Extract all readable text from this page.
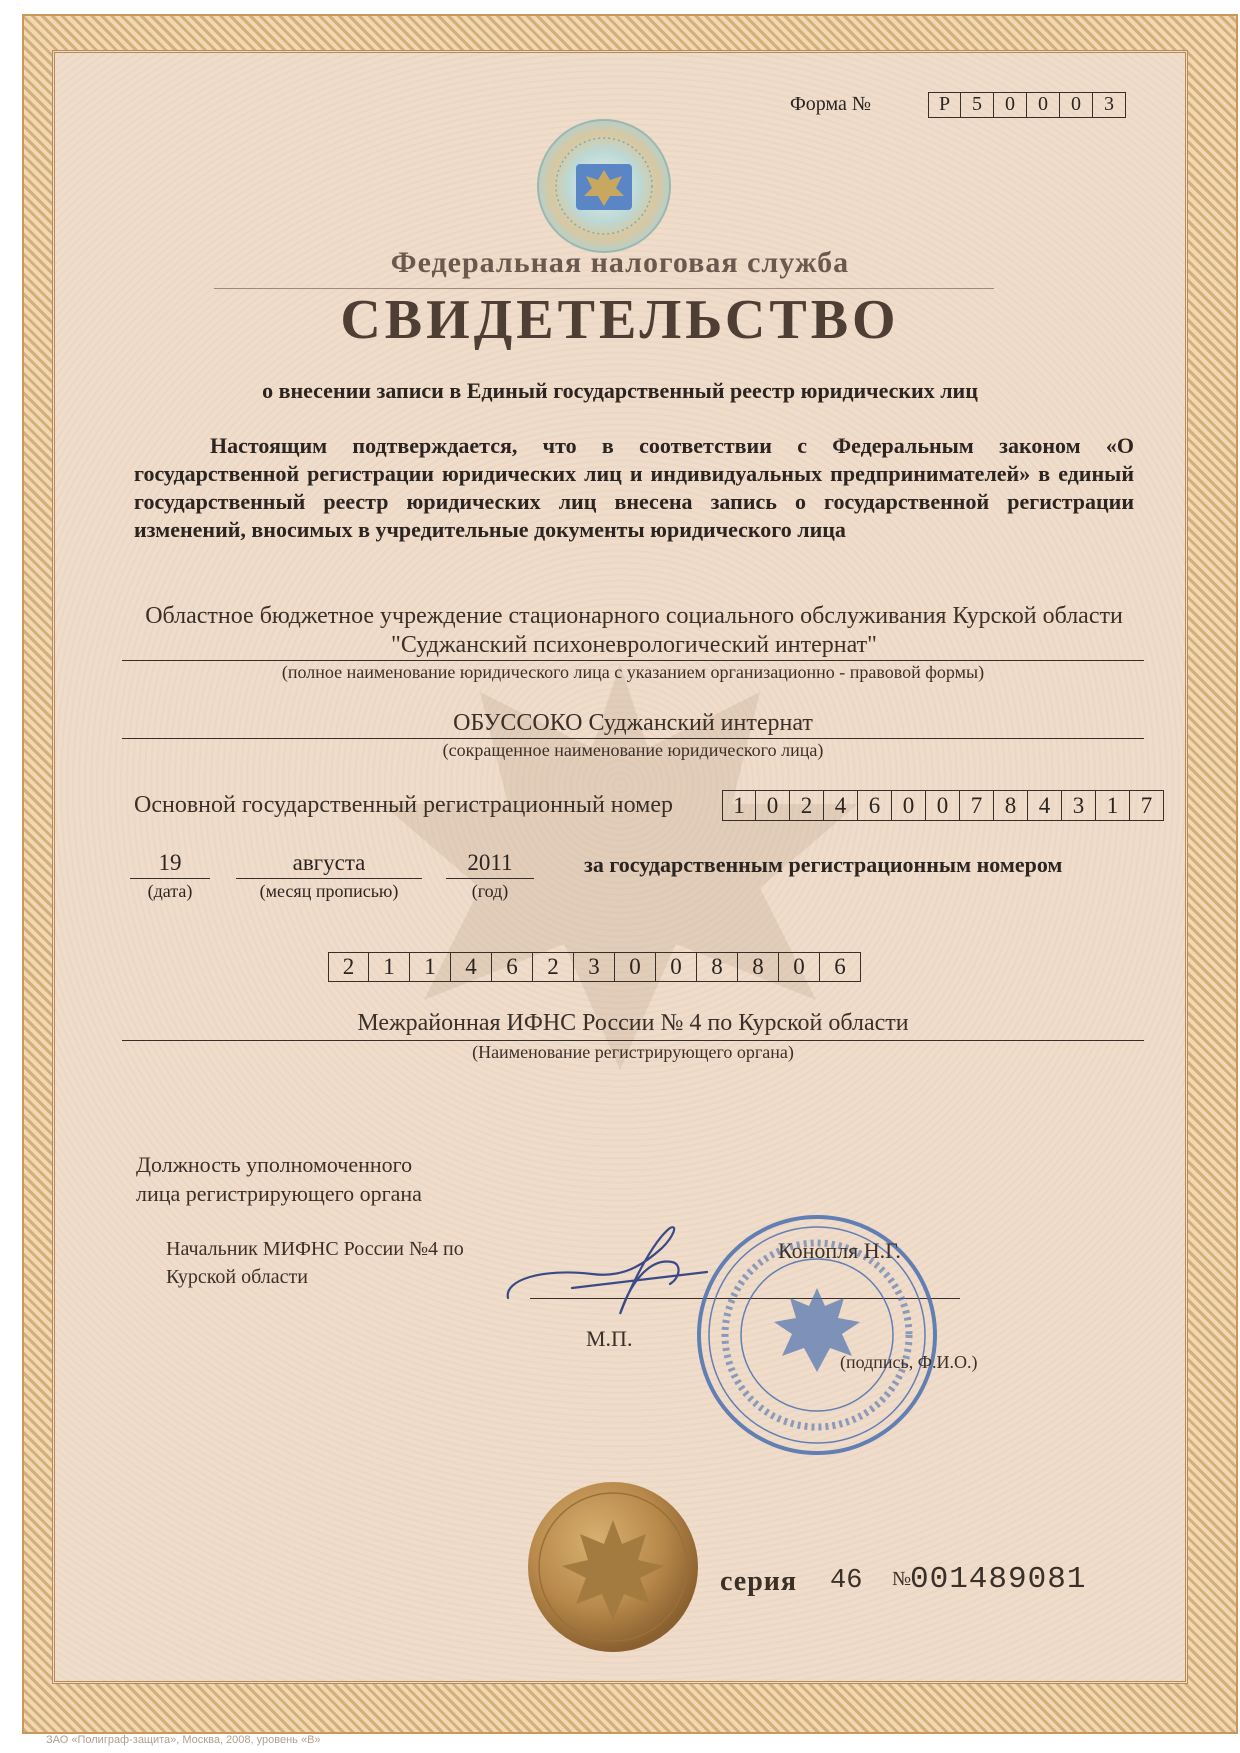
Форма №	Р	5	0	0	0	3
Федеральная налоговая служба
СВИДЕТЕЛЬСТВО
о внесении записи в Единый государственный реестр юридических лиц
Настоящим подтверждается, что в соответствии с Федеральным законом «О государственной регистрации юридических лиц и индивидуальных предпринимателей» в единый государственный реестр юридических лиц внесена запись о государственной регистрации изменений, вносимых в учредительные документы юридического лица
Областное бюджетное учреждение стационарного социального обслуживания Курской области "Суджанский психоневрологический интернат"
(полное наименование юридического лица с указанием организационно - правовой формы)
ОБУССОКО Суджанский интернат
(сокращенное наименование юридического лица)
Основной государственный регистрационный номер	1 0 2 4 6 0 0 7 8 4 3 1 7
19
(дата)
августа
(месяц прописью)
2011
(год)
за государственным регистрационным номером
2	1	1	4	6	2	3	0	0	8	8	0	6
Межрайонная ИФНС России № 4 по Курской области
(Наименование регистрирующего органа)
Должность уполномоченного
лица регистрирующего органа
Начальник МИФНС России №4 по
Курской области
М.П.
Конопля Н.Г.
(подпись, Ф.И.О.)
серия 46 №
001489081
ЗАО «Полиграф-защита», Москва, 2008, уровень «В»
